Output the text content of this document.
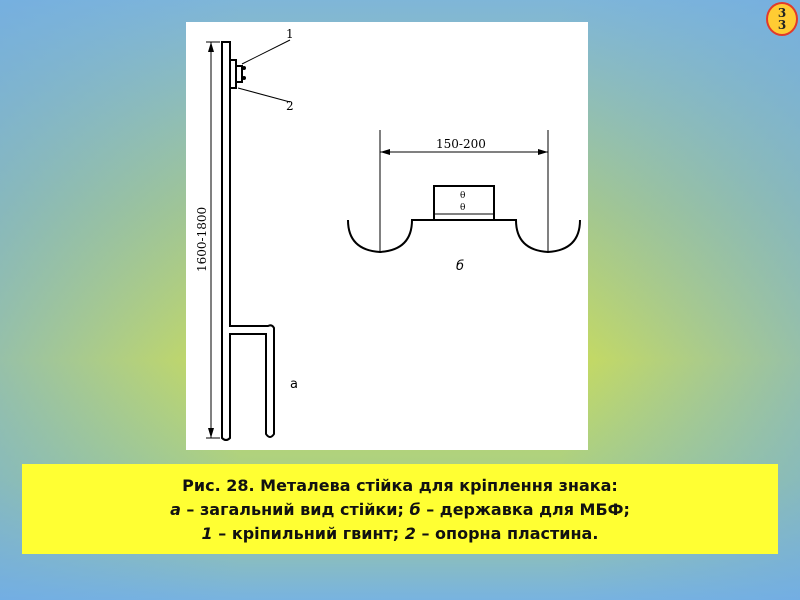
33
1
2
1600-1800
а
150-200
б
θ
θ
Рис. 28. Металева стійка для кріплення знака:
а – загальний вид стійки; б – державка для МБФ;
1 – кріпильний гвинт; 2 – опорна пластина.
